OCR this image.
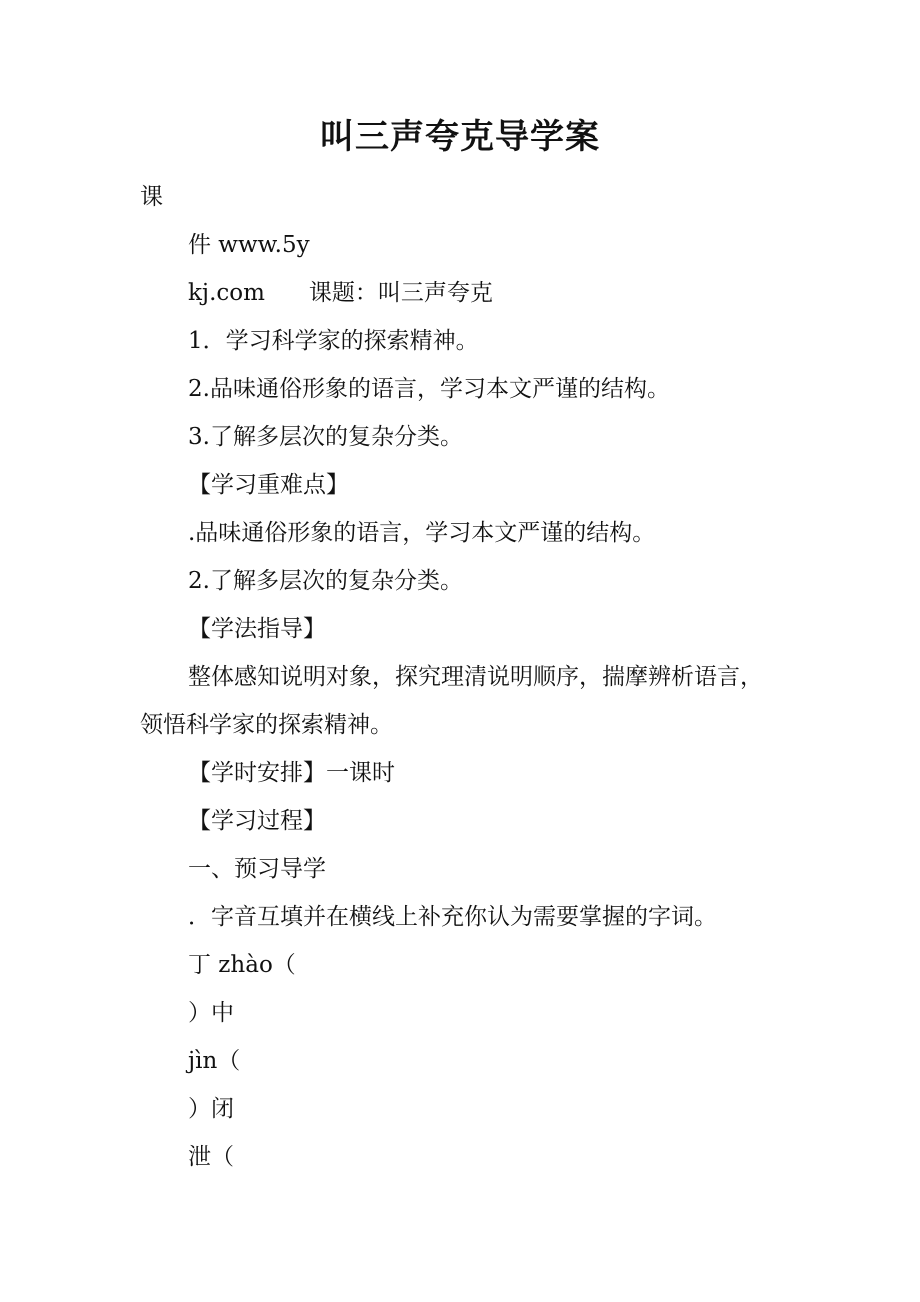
叫三声夸克导学案
课
件 www.5y
kj.com 课题：叫三声夸克
1．学习科学家的探索精神。
2.品味通俗形象的语言，学习本文严谨的结构。
3.了解多层次的复杂分类。
【学习重难点】
.品味通俗形象的语言，学习本文严谨的结构。
2.了解多层次的复杂分类。
【学法指导】
整体感知说明对象，探究理清说明顺序，揣摩辨析语言，
领悟科学家的探索精神。
【学时安排】一课时
【学习过程】
一、预习导学
．字音互填并在横线上补充你认为需要掌握的字词。
丁 zhào（
）中
jìn（
）闭
泄（
